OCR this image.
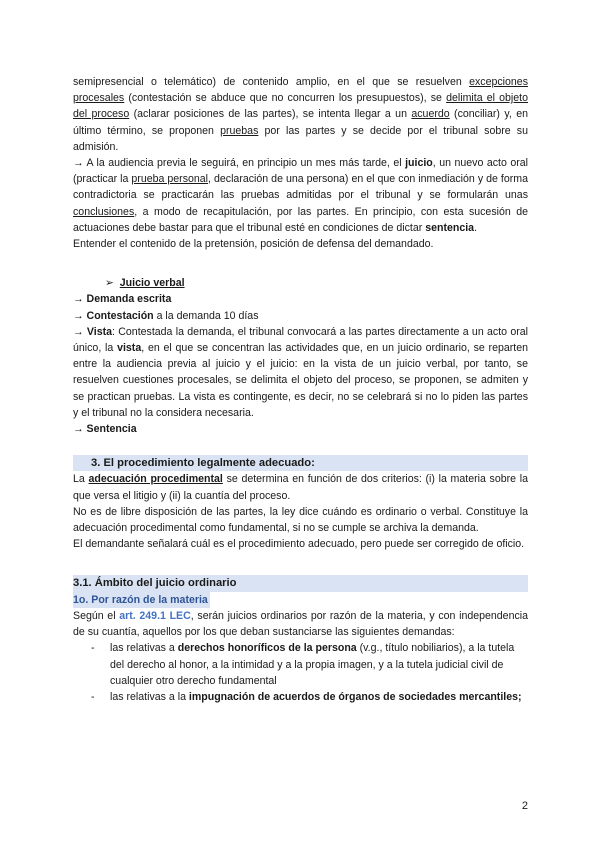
semipresencial o telemático) de contenido amplio, en el que se resuelven excepciones procesales (contestación se abduce que no concurren los presupuestos), se delimita el objeto del proceso (aclarar posiciones de las partes), se intenta llegar a un acuerdo (conciliar) y, en último término, se proponen pruebas por las partes y se decide por el tribunal sobre su admisión.

→ A la audiencia previa le seguirá, en principio un mes más tarde, el juicio, un nuevo acto oral (practicar la prueba personal, declaración de una persona) en el que con inmediación y de forma contradictoria se practicarán las pruebas admitidas por el tribunal y se formularán unas conclusiones, a modo de recapitulación, por las partes. En principio, con esta sucesión de actuaciones debe bastar para que el tribunal esté en condiciones de dictar sentencia.

Entender el contenido de la pretensión, posición de defensa del demandado.

➢ Juicio verbal

→ Demanda escrita

→ Contestación a la demanda 10 días

→ Vista: Contestada la demanda, el tribunal convocará a las partes directamente a un acto oral único, la vista, en el que se concentran las actividades que, en un juicio ordinario, se reparten entre la audiencia previa al juicio y el juicio: en la vista de un juicio verbal, por tanto, se resuelven cuestiones procesales, se delimita el objeto del proceso, se proponen, se admiten y se practican pruebas. La vista es contingente, es decir, no se celebrará si no lo piden las partes y el tribunal no la considera necesaria.

→ Sentencia

3. El procedimiento legalmente adecuado:

La adecuación procedimental se determina en función de dos criterios: (i) la materia sobre la que versa el litigio y (ii) la cuantía del proceso.

No es de libre disposición de las partes, la ley dice cuándo es ordinario o verbal. Constituye la adecuación procedimental como fundamental, si no se cumple se archiva la demanda.

El demandante señalará cuál es el procedimiento adecuado, pero puede ser corregido de oficio.

3.1. Ámbito del juicio ordinario

1o. Por razón de la materia

Según el art. 249.1 LEC, serán juicios ordinarios por razón de la materia, y con independencia de su cuantía, aquellos por los que deban sustanciarse las siguientes demandas:

- las relativas a derechos honoríficos de la persona (v.g., título nobiliarios), a la tutela del derecho al honor, a la intimidad y a la propia imagen, y a la tutela judicial civil de cualquier otro derecho fundamental
- las relativas a la impugnación de acuerdos de órganos de sociedades mercantiles;
2
